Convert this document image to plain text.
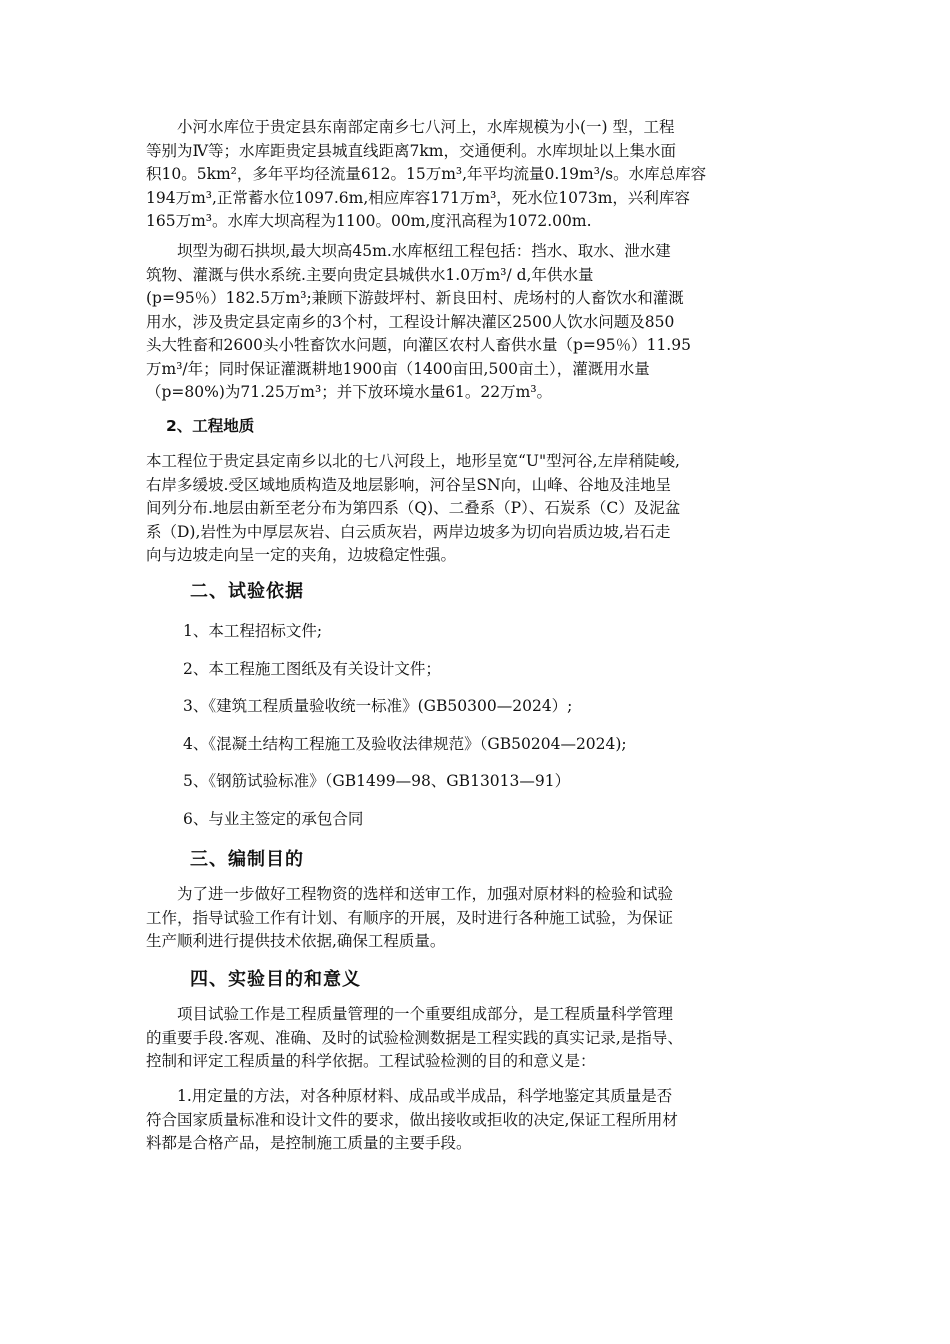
　　小河水库位于贵定县东南部定南乡七八河上，水库规模为小(一) 型，工程
等别为Ⅳ等；水库距贵定县城直线距离7km，交通便利。水库坝址以上集水面
积10。5km²，多年平均径流量612。15万m³,年平均流量0.19m³/s。水库总库容
194万m³,正常蓄水位1097.6m,相应库容171万m³，死水位1073m，兴利库容
165万m³。水库大坝高程为1100。00m,度汛高程为1072.00m.
　　坝型为砌石拱坝,最大坝高45m.水库枢纽工程包括：挡水、取水、泄水建
筑物、灌溉与供水系统.主要向贵定县城供水1.0万m³/ d,年供水量
(p=95％）182.5万m³;兼顾下游鼓坪村、新良田村、虎场村的人畜饮水和灌溉
用水，涉及贵定县定南乡的3个村，工程设计解决灌区2500人饮水问题及850
头大牲畜和2600头小牲畜饮水问题，向灌区农村人畜供水量（p=95％）11.95
万m³/年；同时保证灌溉耕地1900亩（1400亩田,500亩土），灌溉用水量
（p=80%)为71.25万m³；并下放环境水量61。22万m³。
2、工程地质
本工程位于贵定县定南乡以北的七八河段上，地形呈宽“U"型河谷,左岸稍陡峻,
右岸多缓坡.受区域地质构造及地层影响，河谷呈SN向，山峰、谷地及洼地呈
间列分布.地层由新至老分布为第四系（Q)、二叠系（P）、石炭系（C）及泥盆
系（D),岩性为中厚层灰岩、白云质灰岩，两岸边坡多为切向岩质边坡,岩石走
向与边坡走向呈一定的夹角，边坡稳定性强。
二、试验依据
1、本工程招标文件;
2、本工程施工图纸及有关设计文件；
3、《建筑工程质量验收统一标准》(GB50300—2024）;
4、《混凝土结构工程施工及验收法律规范》（GB50204—2024);
5、《钢筋试验标准》（GB1499—98、GB13013—91）
6、与业主签定的承包合同
三、编制目的
　　为了进一步做好工程物资的选样和送审工作，加强对原材料的检验和试验
工作，指导试验工作有计划、有顺序的开展，及时进行各种施工试验，为保证
生产顺利进行提供技术依据,确保工程质量。
四、实验目的和意义
　　项目试验工作是工程质量管理的一个重要组成部分，是工程质量科学管理
的重要手段.客观、准确、及时的试验检测数据是工程实践的真实记录,是指导、
控制和评定工程质量的科学依据。工程试验检测的目的和意义是：
　　1.用定量的方法，对各种原材料、成品或半成品，科学地鉴定其质量是否
符合国家质量标准和设计文件的要求，做出接收或拒收的决定,保证工程所用材
料都是合格产品，是控制施工质量的主要手段。
